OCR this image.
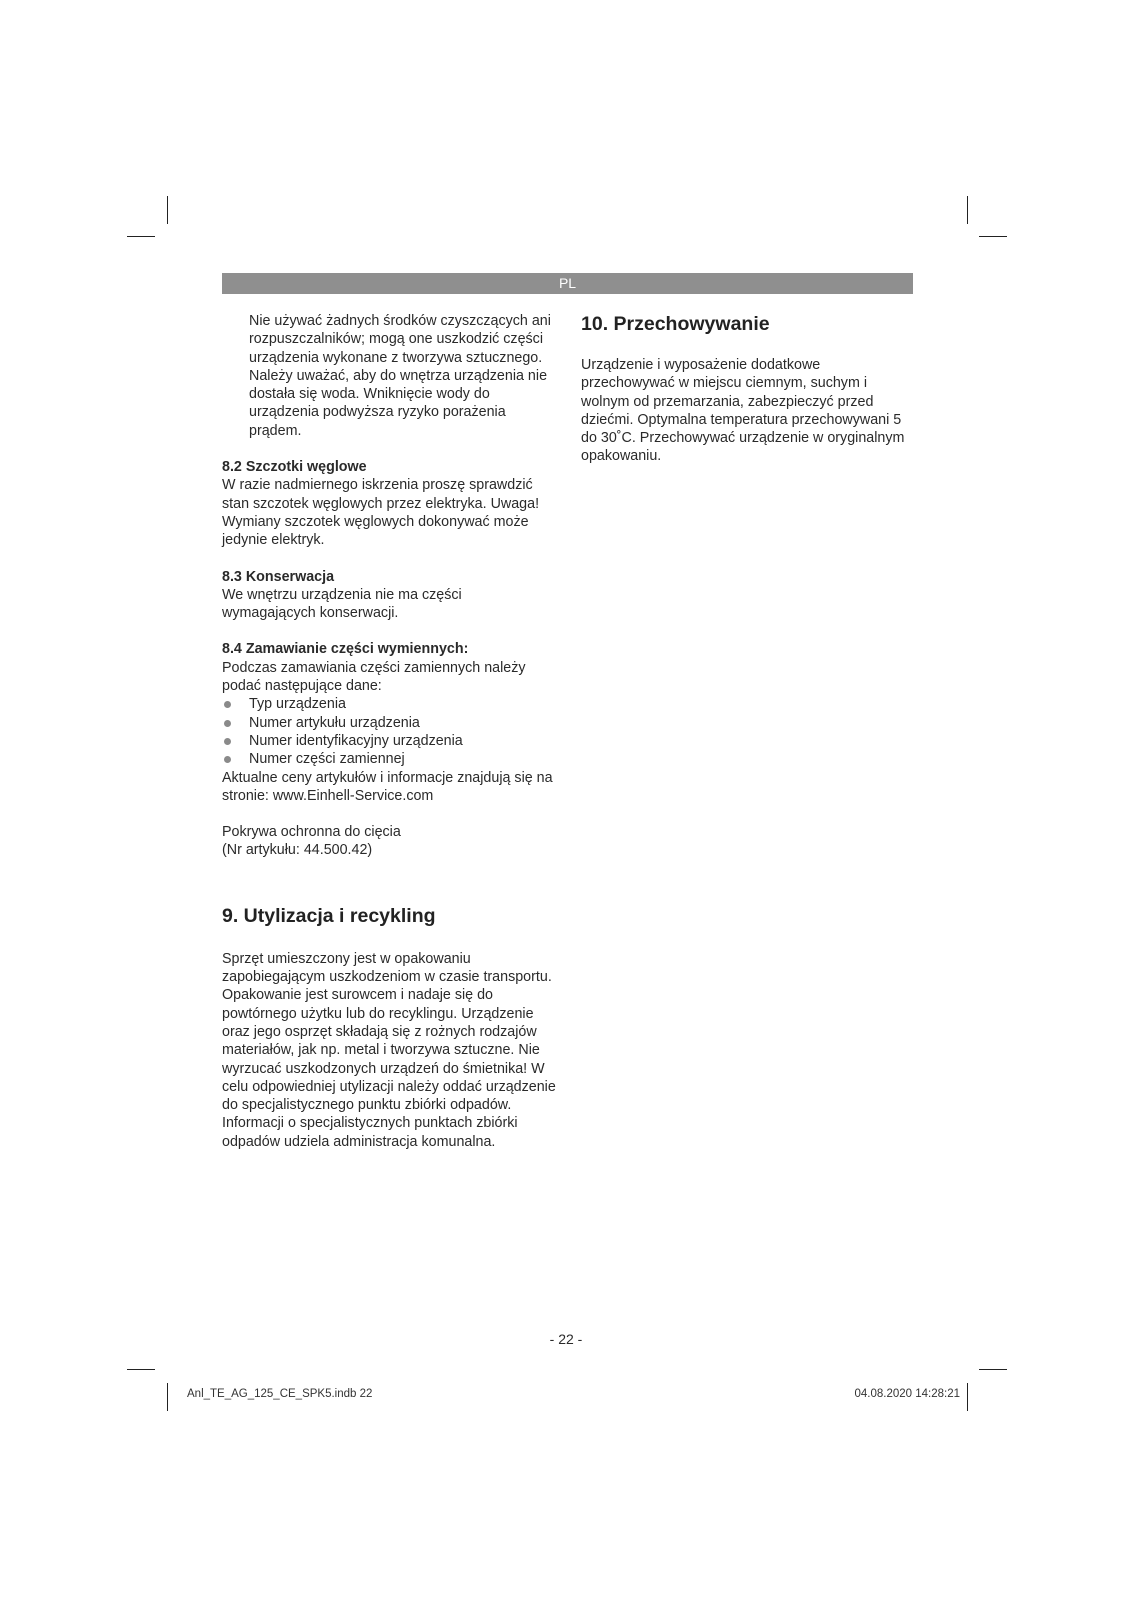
PL

Nie używać żadnych środków czyszczących ani rozpuszczalników; mogą one uszkodzić części urządzenia wykonane z tworzywa sztucznego. Należy uważać, aby do wnętrza urządzenia nie dostała się woda. Wniknięcie wody do urządzenia podwyższa ryzyko porażenia prądem.

8.2 Szczotki węglowe

W razie nadmiernego iskrzenia proszę sprawdzić stan szczotek węglowych przez elektryka. Uwaga! Wymiany szczotek węglowych dokonywać może jedynie elektryk.

8.3 Konserwacja

We wnętrzu urządzenia nie ma części wymagających konserwacji.

8.4 Zamawianie części wymiennych:

Podczas zamawiania części zamiennych należy podać następujące dane:

Typ urządzenia
Numer artykułu urządzenia
Numer identyfikacyjny urządzenia
Numer części zamiennej

Aktualne ceny artykułów i informacje znajdują się na stronie: www.Einhell-Service.com

Pokrywa ochronna do cięcia

(Nr artykułu: 44.500.42)

9. Utylizacja i recykling

Sprzęt umieszczony jest w opakowaniu zapobiegającym uszkodzeniom w czasie transportu. Opakowanie jest surowcem i nadaje się do powtórnego użytku lub do recyklingu. Urządzenie oraz jego osprzęt składają się z rożnych rodzajów materiałów, jak np. metal i tworzywa sztuczne. Nie wyrzucać uszkodzonych urządzeń do śmietnika! W celu odpowiedniej utylizacji należy oddać urządzenie do specjalistycznego punktu zbiórki odpadów. Informacji o specjalistycznych punktach zbiórki odpadów udziela administracja komunalna.

10. Przechowywanie

Urządzenie i wyposażenie dodatkowe przechowywać w miejscu ciemnym, suchym i wolnym od przemarzania, zabezpieczyć przed dziećmi. Optymalna temperatura przechowywani 5 do 30˚C. Przechowywać urządzenie w oryginalnym opakowaniu.

- 22 -
Anl_TE_AG_125_CE_SPK5.indb 22	04.08.2020 14:28:21
